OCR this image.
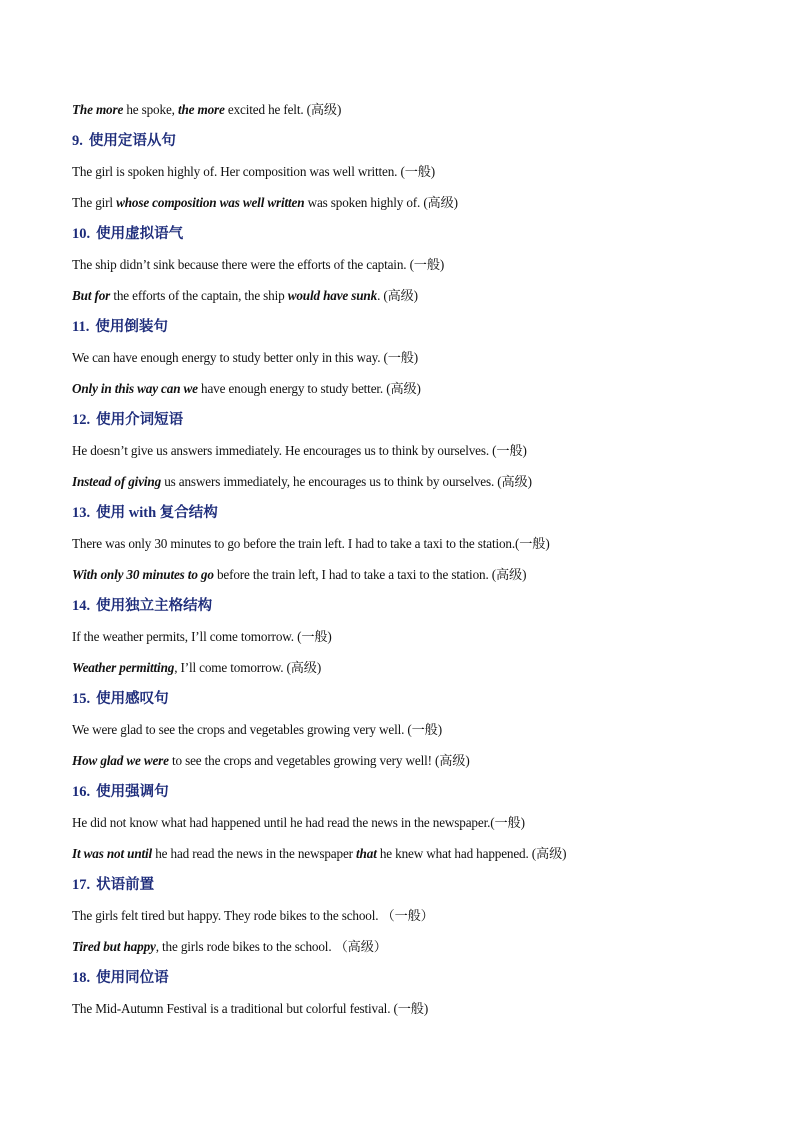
The more he spoke, the more excited he felt. (高级)
9. 使用定语从句
The girl is spoken highly of. Her composition was well written. (一般)
The girl whose composition was well written was spoken highly of. (高级)
10. 使用虚拟语气
The ship didn’t sink because there were the efforts of the captain. (一般)
But for the efforts of the captain, the ship would have sunk. (高级)
11. 使用倒装句
We can have enough energy to study better only in this way. (一般)
Only in this way can we have enough energy to study better. (高级)
12. 使用介词短语
He doesn’t give us answers immediately. He encourages us to think by ourselves. (一般)
Instead of giving us answers immediately, he encourages us to think by ourselves. (高级)
13. 使用 with 复合结构
There was only 30 minutes to go before the train left. I had to take a taxi to the station.(一般)
With only 30 minutes to go before the train left, I had to take a taxi to the station. (高级)
14. 使用独立主格结构
If the weather permits, I’ll come tomorrow. (一般)
Weather permitting, I’ll come tomorrow. (高级)
15. 使用感叹句
We were glad to see the crops and vegetables growing very well. (一般)
How glad we were to see the crops and vegetables growing very well! (高级)
16. 使用强调句
He did not know what had happened until he had read the news in the newspaper.(一般)
It was not until he had read the news in the newspaper that he knew what had happened. (高级)
17. 状语前置
The girls felt tired but happy. They rode bikes to the school. （一般）
Tired but happy, the girls rode bikes to the school. （高级）
18. 使用同位语
The Mid-Autumn Festival is a traditional but colorful festival. (一般)
